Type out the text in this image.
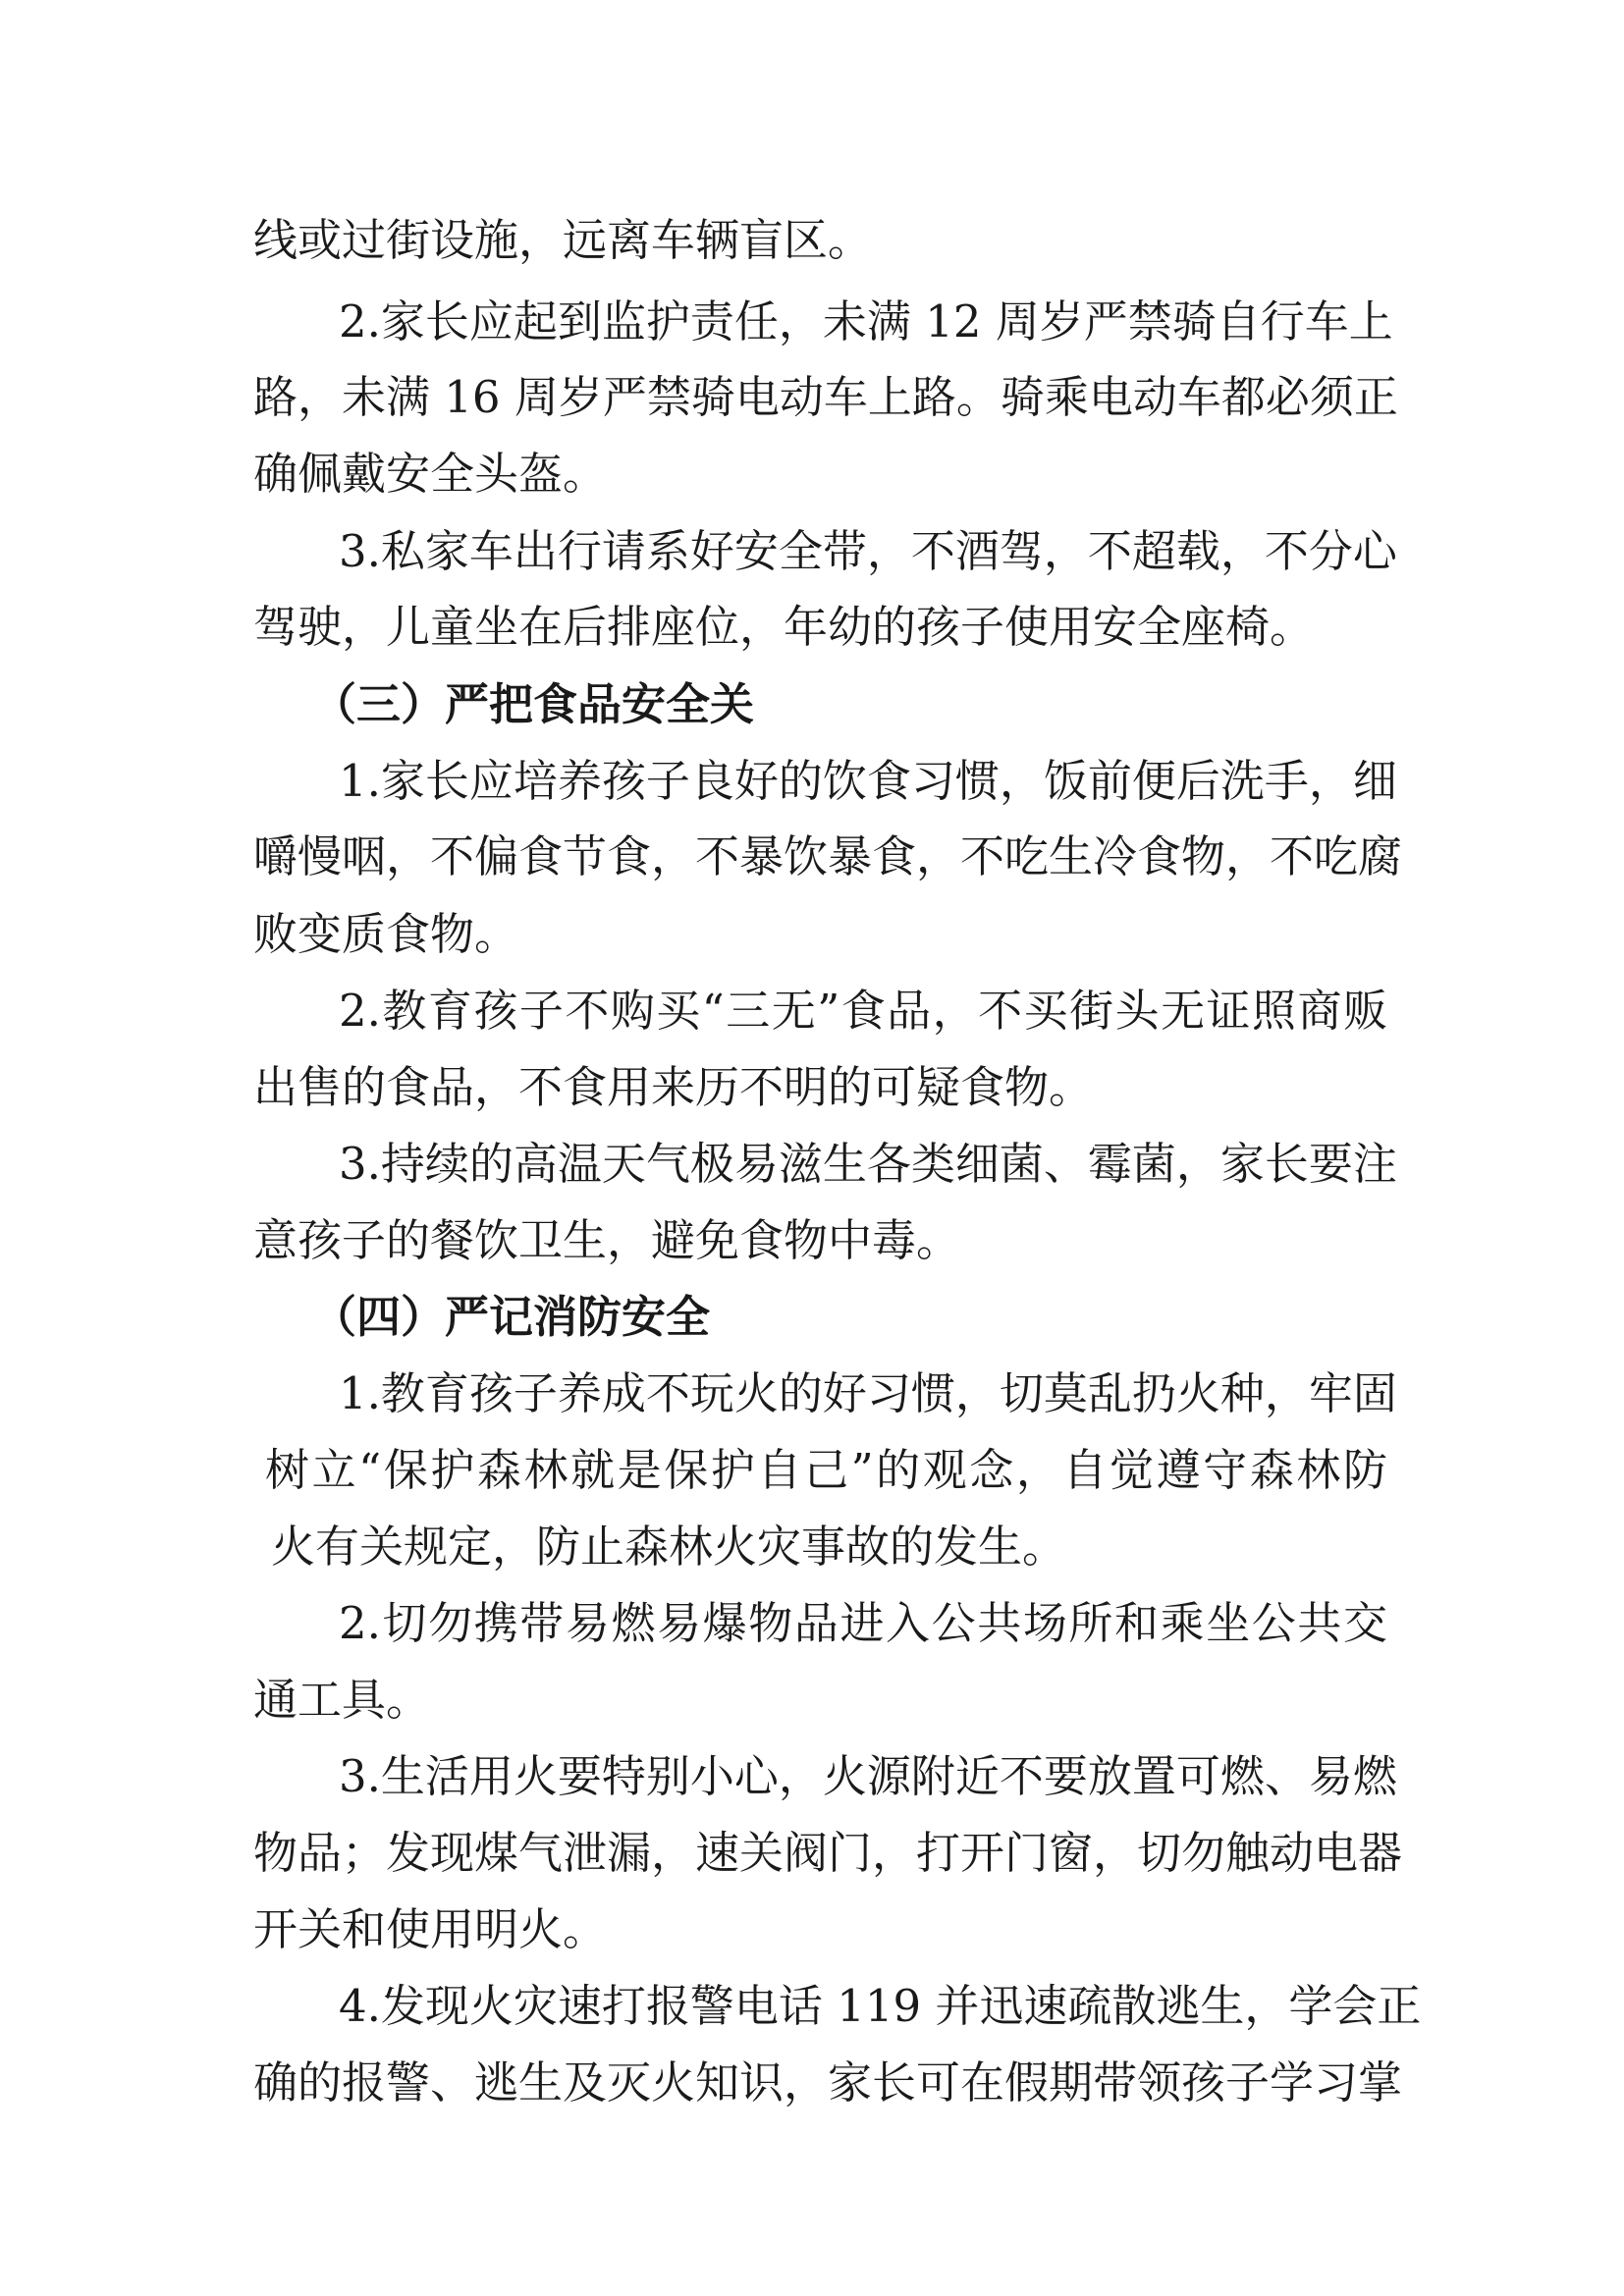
线或过街设施，远离车辆盲区。
2.家长应起到监护责任，未满 12 周岁严禁骑自行车上
路，未满 16 周岁严禁骑电动车上路。骑乘电动车都必须正
确佩戴安全头盔。
3.私家车出行请系好安全带，不酒驾，不超载，不分心
驾驶，儿童坐在后排座位，年幼的孩子使用安全座椅。
（三）严把食品安全关
1.家长应培养孩子良好的饮食习惯，饭前便后洗手，细
嚼慢咽，不偏食节食，不暴饮暴食，不吃生冷食物，不吃腐
败变质食物。
2.教育孩子不购买“三无”食品，不买街头无证照商贩
出售的食品，不食用来历不明的可疑食物。
3.持续的高温天气极易滋生各类细菌、霉菌，家长要注
意孩子的餐饮卫生，避免食物中毒。
（四）严记消防安全
1.教育孩子养成不玩火的好习惯，切莫乱扔火种，牢固
树立“保护森林就是保护自己”的观念，自觉遵守森林防
火有关规定，防止森林火灾事故的发生。
2.切勿携带易燃易爆物品进入公共场所和乘坐公共交
通工具。
3.生活用火要特别小心，火源附近不要放置可燃、易燃
物品；发现煤气泄漏，速关阀门，打开门窗，切勿触动电器
开关和使用明火。
4.发现火灾速打报警电话 119 并迅速疏散逃生，学会正
确的报警、逃生及灭火知识，家长可在假期带领孩子学习掌
